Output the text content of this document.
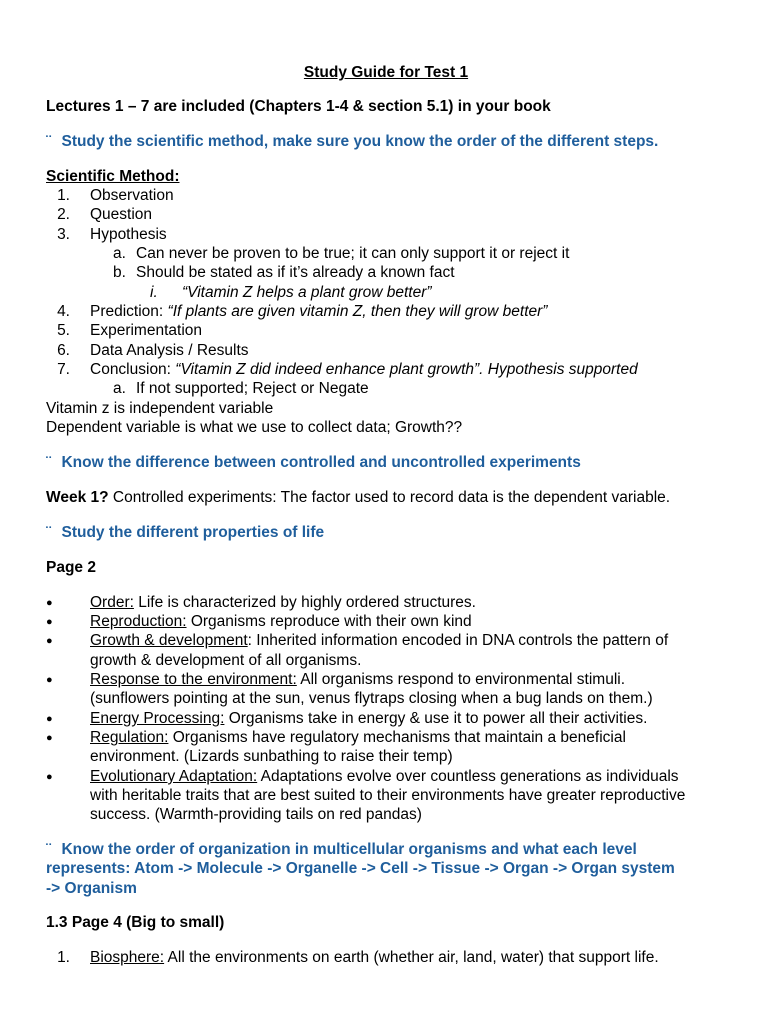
Study Guide for Test 1
Lectures 1 – 7 are included (Chapters 1-4 & section 5.1) in your book
¨ Study the scientific method, make sure you know the order of the different steps.
Scientific Method:
1. Observation
2. Question
3. Hypothesis
a. Can never be proven to be true; it can only support it or reject it
b. Should be stated as if it’s already a known fact
i. “Vitamin Z helps a plant grow better”
4. Prediction: “If plants are given vitamin Z, then they will grow better”
5. Experimentation
6. Data Analysis / Results
7. Conclusion: “Vitamin Z did indeed enhance plant growth”. Hypothesis supported
a. If not supported; Reject or Negate
Vitamin z is independent variable
Dependent variable is what we use to collect data; Growth??
¨ Know the difference between controlled and uncontrolled experiments
Week 1? Controlled experiments: The factor used to record data is the dependent variable.
¨ Study the different properties of life
Page 2
● Order: Life is characterized by highly ordered structures.
● Reproduction: Organisms reproduce with their own kind
● Growth & development: Inherited information encoded in DNA controls the pattern of
growth & development of all organisms.
● Response to the environment: All organisms respond to environmental stimuli.
(sunflowers pointing at the sun, venus flytraps closing when a bug lands on them.)
● Energy Processing: Organisms take in energy & use it to power all their activities.
● Regulation: Organisms have regulatory mechanisms that maintain a beneficial
environment. (Lizards sunbathing to raise their temp)
● Evolutionary Adaptation: Adaptations evolve over countless generations as individuals
with heritable traits that are best suited to their environments have greater reproductive
success. (Warmth-providing tails on red pandas)
¨ Know the order of organization in multicellular organisms and what each level
represents: Atom -> Molecule -> Organelle -> Cell -> Tissue -> Organ -> Organ system
-> Organism
1.3 Page 4 (Big to small)
1. Biosphere: All the environments on earth (whether air, land, water) that support life.
